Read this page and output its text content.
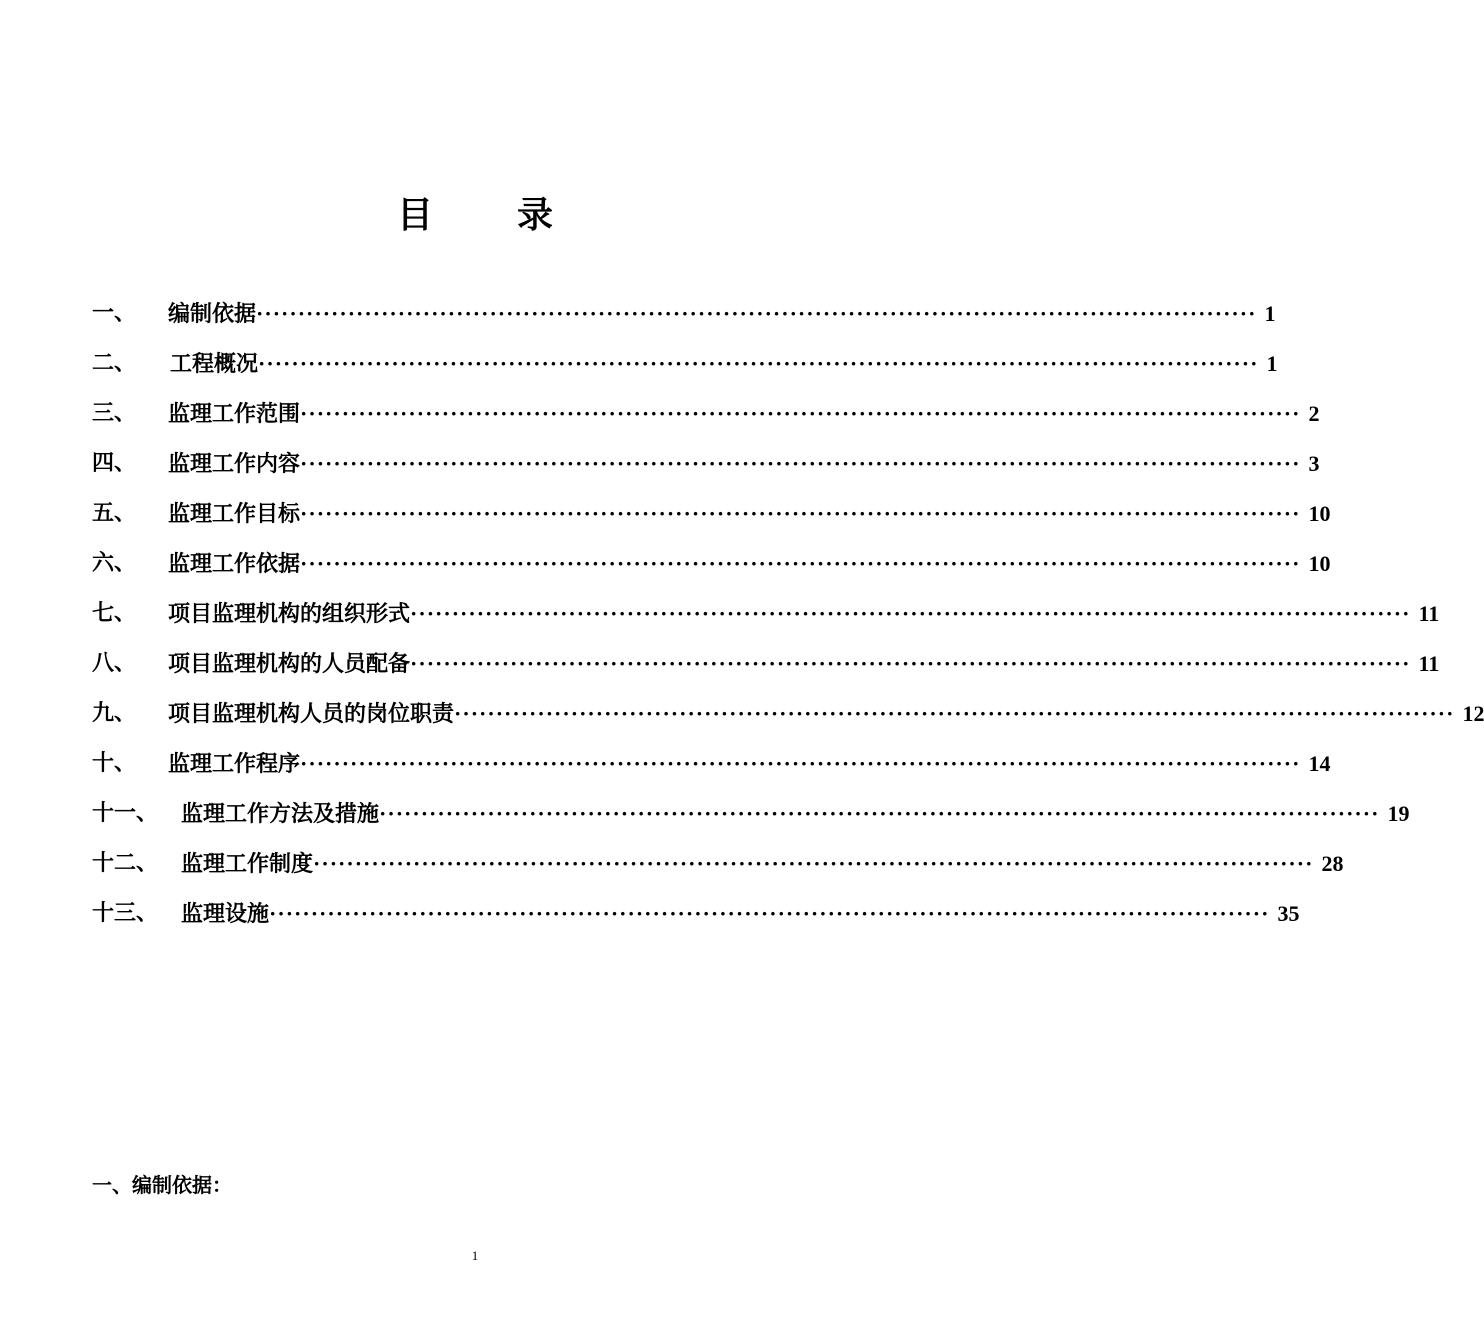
目 录
一、 编制依据 ························································································································ 1
二、 工程概况 ························································································································ 1
三、 监理工作范围 ························································································································ 2
四、 监理工作内容 ························································································································ 3
五、 监理工作目标 ························································································································ 10
六、 监理工作依据 ························································································································ 10
七、 项目监理机构的组织形式 ························································································································ 11
八、 项目监理机构的人员配备 ························································································································ 11
九、 项目监理机构人员的岗位职责 ························································································································ 12
十、 监理工作程序 ························································································································ 14
十一、 监理工作方法及措施 ························································································································ 19
十二、 监理工作制度 ························································································································ 28
十三、 监理设施 ························································································································ 35
一、编制依据：
1
